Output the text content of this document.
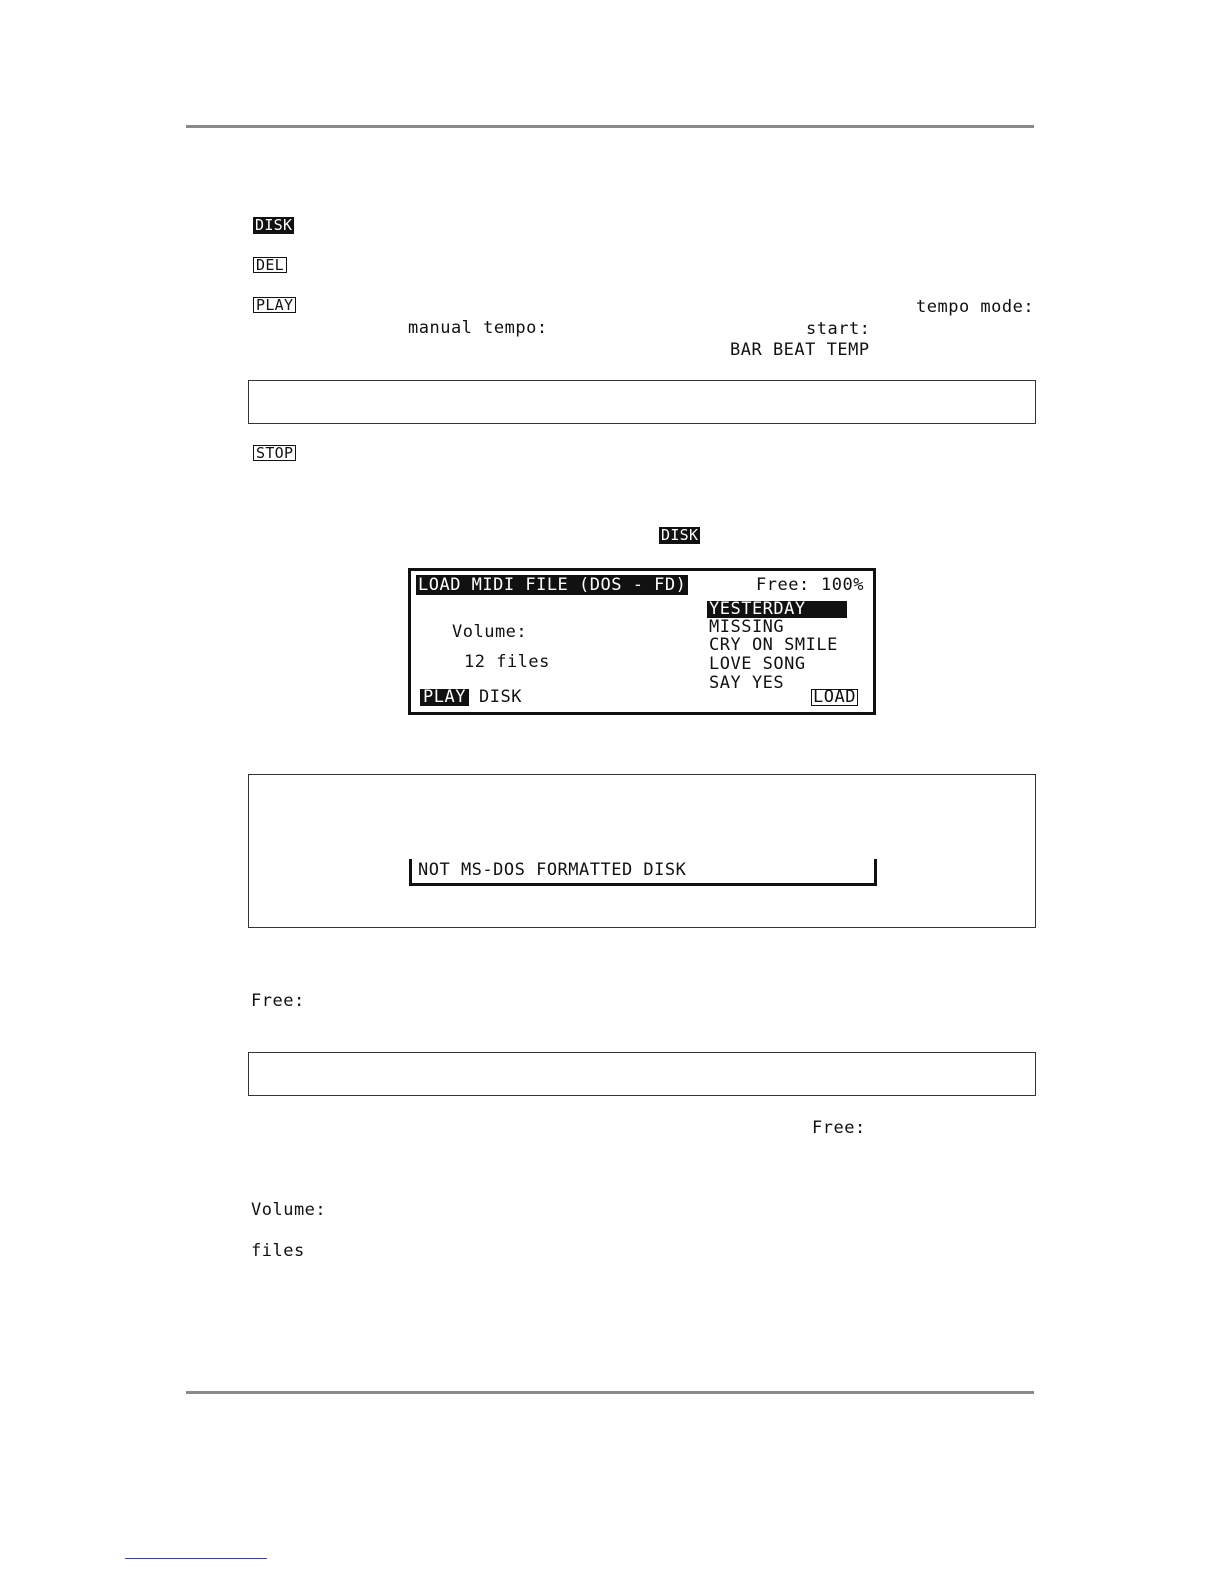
DISK
DEL
PLAY	tempo mode:
manual tempo:	start:
BAR BEAT TEMP
STOP
DISK
LOAD MIDI FILE (DOS - FD)	Free: 100%
Volume:
12 files
YESTERDAY
MISSING
CRY ON SMILE
LOVE SONG
SAY YES
PLAY DISK	LOAD
NOT MS-DOS FORMATTED DISK
Free:
Free:
Volume:
files
